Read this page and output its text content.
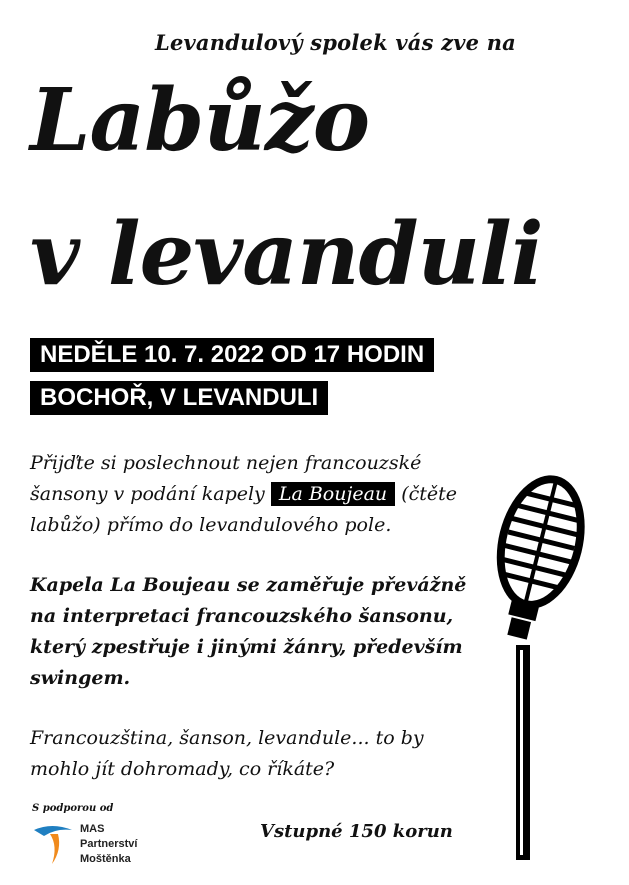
Levandulový spolek vás zve na
Labůžo
v levanduli
NEDĚLE 10. 7. 2022 OD 17 HODIN
BOCHOŘ, V LEVANDULI
Přijďte si poslechnout nejen francouzské šansony v podání kapely La Boujeau (čtěte labůžo) přímo do levandulového pole.
Kapela La Boujeau se zaměřuje převážně na interpretaci francouzského šansonu, který zpestřuje i jinými žánry, především swingem.
Francouzština, šanson, levandule... to by mohlo jít dohromady, co říkáte?
S podporou od
MAS
Partnerství
Moštěnka
Vstupné 150 korun
